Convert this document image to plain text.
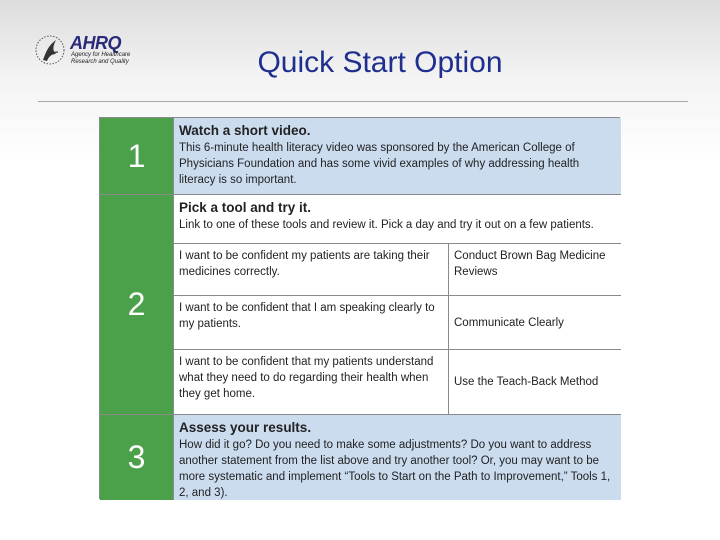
AHRQ
Agency for Healthcare
Research and Quality	Quick Start Option
1
Watch a short video.
This 6-minute health literacy video was sponsored by the American College of Physicians Foundation and has some vivid examples of why addressing health literacy is so important.
2
Pick a tool and try it.
Link to one of these tools and review it. Pick a day and try it out on a few patients.
I want to be confident my patients are taking their medicines correctly.
Conduct Brown Bag Medicine Reviews
I want to be confident that I am speaking clearly to my patients.	Communicate Clearly
I want to be confident that my patients understand what they need to do regarding their health when they get home.
Use the Teach-Back Method
3
Assess your results.
How did it go? Do you need to make some adjustments? Do you want to address another statement from the list above and try another tool? Or, you may want to be more systematic and implement “Tools to Start on the Path to Improvement,” Tools 1, 2, and 3).
